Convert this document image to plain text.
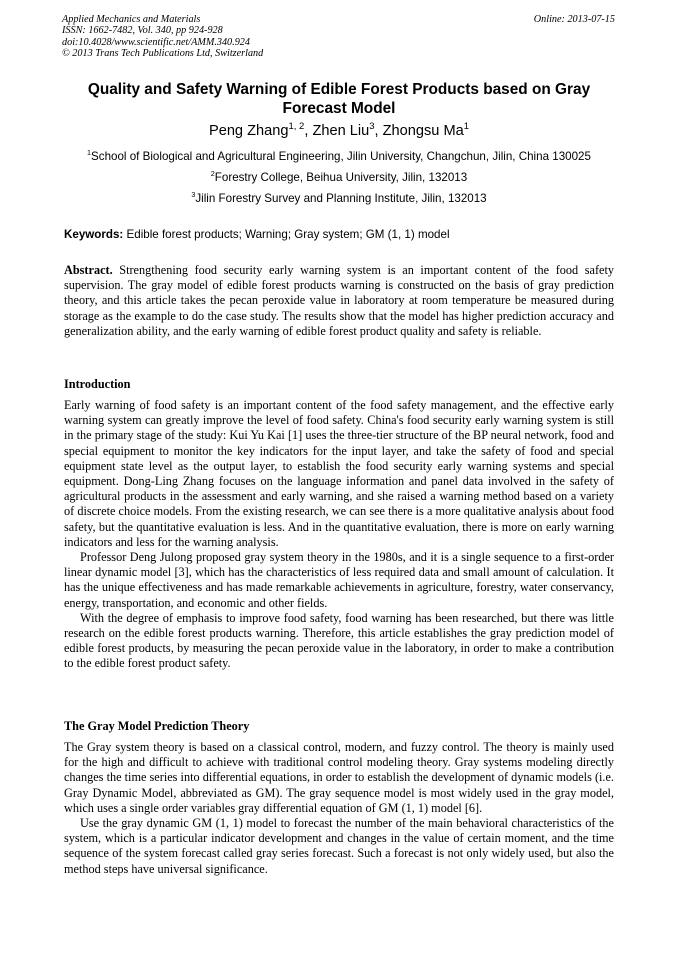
Applied Mechanics and Materials
ISSN: 1662-7482, Vol. 340, pp 924-928
doi:10.4028/www.scientific.net/AMM.340.924
© 2013 Trans Tech Publications Ltd, Switzerland
Online: 2013-07-15
Quality and Safety Warning of Edible Forest Products based on Gray Forecast Model
Peng Zhang$^{1, 2}$, Zhen Liu$^3$, Zhongsu Ma$^1$
$^1$School of Biological and Agricultural Engineering, Jilin University, Changchun, Jilin, China 130025
$^2$Forestry College, Beihua University, Jilin, 132013
$^3$Jilin Forestry Survey and Planning Institute, Jilin, 132013
Keywords: Edible forest products; Warning; Gray system; GM (1, 1) model

Abstract. Strengthening food security early warning system is an important content of the food safety supervision. The gray model of edible forest products warning is constructed on the basis of gray prediction theory, and this article takes the pecan peroxide value in laboratory at room temperature be measured during storage as the example to do the case study. The results show that the model has higher prediction accuracy and generalization ability, and the early warning of edible forest product quality and safety is reliable.

Introduction

Early warning of food safety is an important content of the food safety management, and the effective early warning system can greatly improve the level of food safety. China's food security early warning system is still in the primary stage of the study: Kui Yu Kai [1] uses the three-tier structure of the BP neural network, food and special equipment to monitor the key indicators for the input layer, and take the safety of food and special equipment state level as the output layer, to establish the food security early warning systems and special equipment. Dong-Ling Zhang focuses on the language information and panel data involved in the safety of agricultural products in the assessment and early warning, and she raised a warning method based on a variety of discrete choice models. From the existing research, we can see there is a more qualitative analysis about food safety, but the quantitative evaluation is less. And in the quantitative evaluation, there is more on early warning indicators and less for the warning analysis.

Professor Deng Julong proposed gray system theory in the 1980s, and it is a single sequence to a first-order linear dynamic model [3], which has the characteristics of less required data and small amount of calculation. It has the unique effectiveness and has made remarkable achievements in agriculture, forestry, water conservancy, energy, transportation, and economic and other fields.

With the degree of emphasis to improve food safety, food warning has been researched, but there was little research on the edible forest products warning. Therefore, this article establishes the gray prediction model of edible forest products, by measuring the pecan peroxide value in the laboratory, in order to make a contribution to the edible forest product safety.

The Gray Model Prediction Theory

The Gray system theory is based on a classical control, modern, and fuzzy control. The theory is mainly used for the high and difficult to achieve with traditional control modeling theory. Gray systems modeling directly changes the time series into differential equations, in order to establish the development of dynamic models (i.e. Gray Dynamic Model, abbreviated as GM). The gray sequence model is most widely used in the gray model, which uses a single order variables gray differential equation of GM (1, 1) model [6].

Use the gray dynamic GM (1, 1) model to forecast the number of the main behavioral characteristics of the system, which is a particular indicator development and changes in the value of certain moment, and the time sequence of the system forecast called gray series forecast. Such a forecast is not only widely used, but also the method steps have universal significance.
